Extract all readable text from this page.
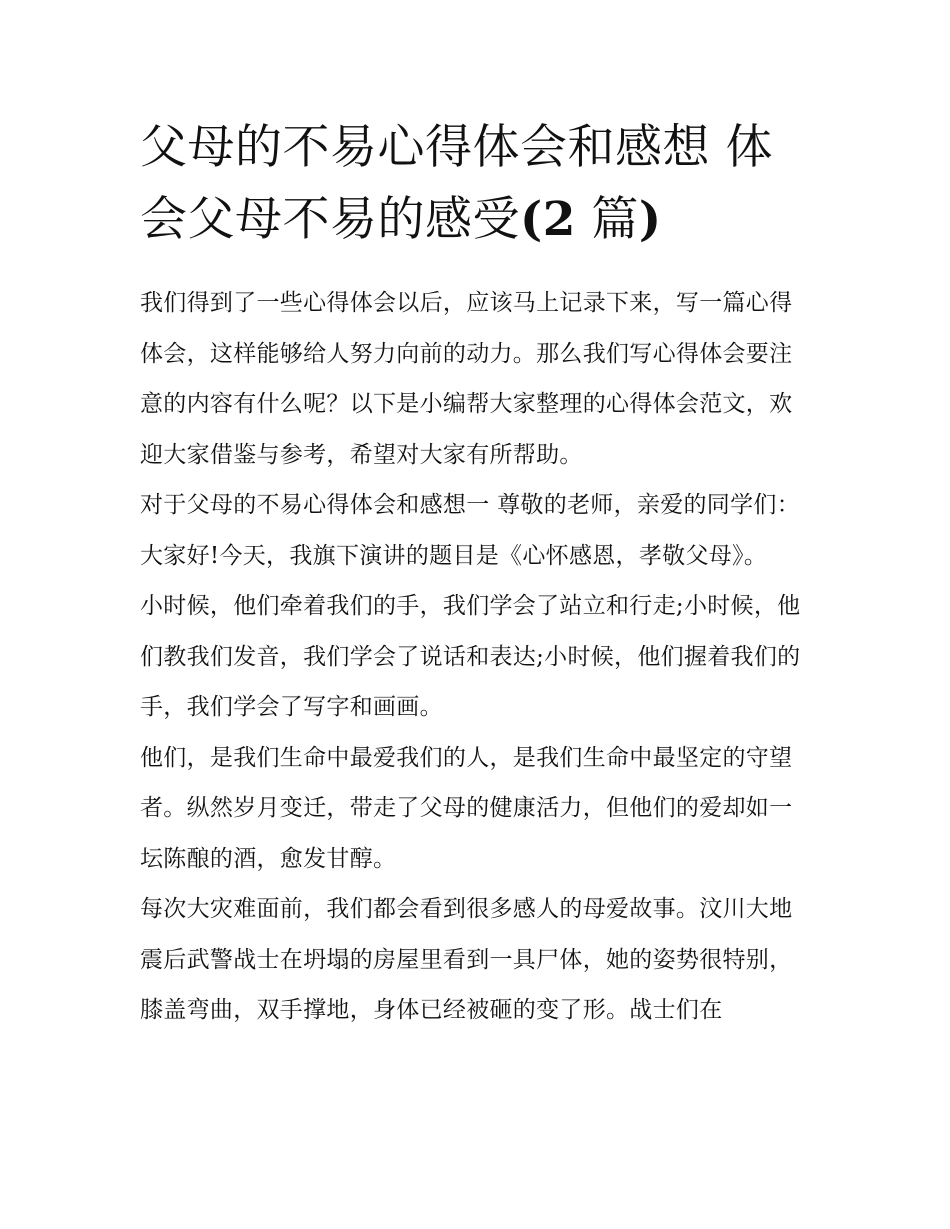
父母的不易心得体会和感想 体会父母不易的感受(2 篇)

我们得到了一些心得体会以后，应该马上记录下来，写一篇心得体会，这样能够给人努力向前的动力。那么我们写心得体会要注意的内容有什么呢？以下是小编帮大家整理的心得体会范文，欢迎大家借鉴与参考，希望对大家有所帮助。

对于父母的不易心得体会和感想一 尊敬的老师，亲爱的同学们： 大家好!今天，我旗下演讲的题目是《心怀感恩，孝敬父母》。

小时候，他们牵着我们的手，我们学会了站立和行走;小时候，他们教我们发音，我们学会了说话和表达;小时候，他们握着我们的手，我们学会了写字和画画。

他们，是我们生命中最爱我们的人，是我们生命中最坚定的守望者。纵然岁月变迁，带走了父母的健康活力，但他们的爱却如一坛陈酿的酒，愈发甘醇。

每次大灾难面前，我们都会看到很多感人的母爱故事。汶川大地震后武警战士在坍塌的房屋里看到一具尸体，她的姿势很特别，膝盖弯曲，双手撑地，身体已经被砸的变了形。战士们在
